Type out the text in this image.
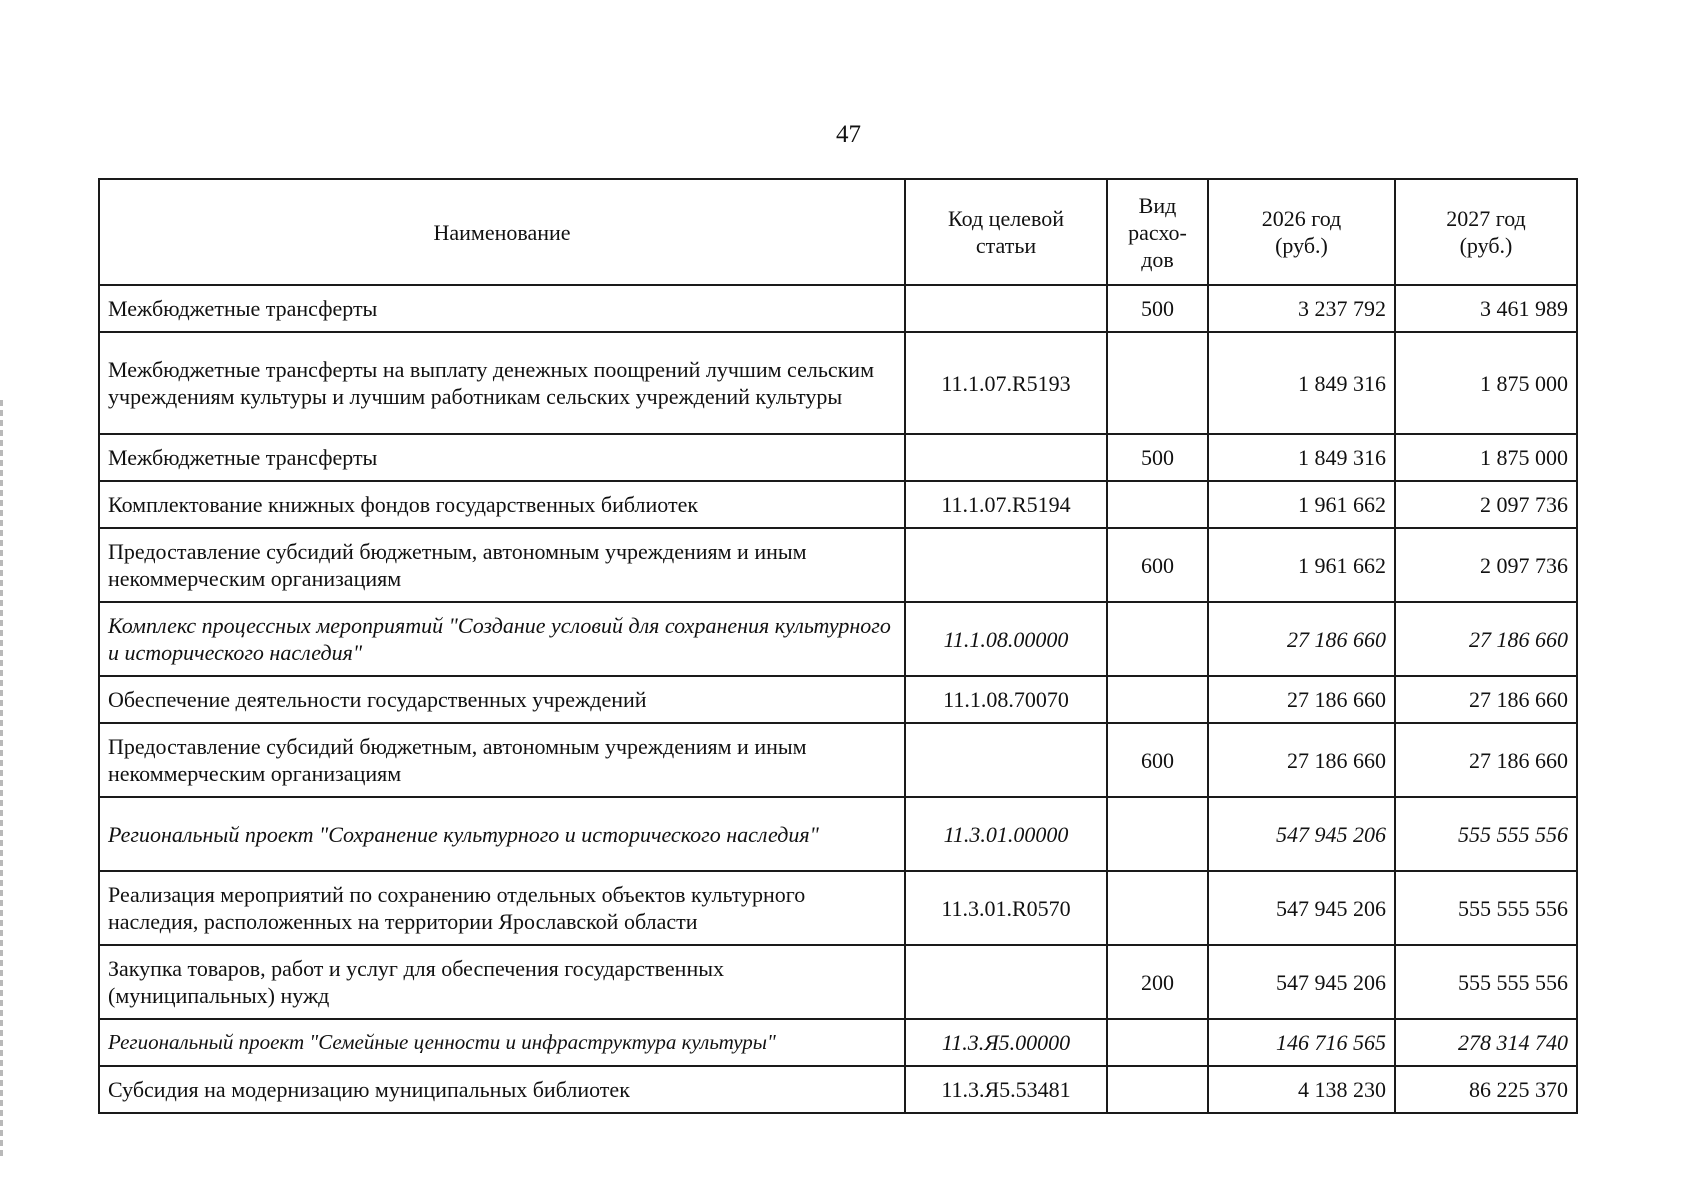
47
Наименование	Код целевой статьи	Вид расхо-дов	2026 год (руб.)	2027 год (руб.)
Межбюджетные трансферты		500	3 237 792	3 461 989
Межбюджетные трансферты на выплату денежных поощрений лучшим сельским учреждениям культуры и лучшим работникам сельских учреждений культуры	11.1.07.R5193		1 849 316	1 875 000
Межбюджетные трансферты		500	1 849 316	1 875 000
Комплектование книжных фондов государственных библиотек	11.1.07.R5194		1 961 662	2 097 736
Предоставление субсидий бюджетным, автономным учреждениям и иным некоммерческим организациям		600	1 961 662	2 097 736
Комплекс процессных мероприятий "Создание условий для сохранения культурного и исторического наследия"	11.1.08.00000		27 186 660	27 186 660
Обеспечение деятельности государственных учреждений	11.1.08.70070		27 186 660	27 186 660
Предоставление субсидий бюджетным, автономным учреждениям и иным некоммерческим организациям		600	27 186 660	27 186 660
Региональный проект "Сохранение культурного и исторического наследия"	11.3.01.00000		547 945 206	555 555 556
Реализация мероприятий по сохранению отдельных объектов культурного наследия, расположенных на территории Ярославской области	11.3.01.R0570		547 945 206	555 555 556
Закупка товаров, работ и услуг для обеспечения государственных (муниципальных) нужд		200	547 945 206	555 555 556
Региональный проект "Семейные ценности и инфраструктура культуры"	11.3.Я5.00000		146 716 565	278 314 740
Субсидия на модернизацию муниципальных библиотек	11.3.Я5.53481		4 138 230	86 225 370
